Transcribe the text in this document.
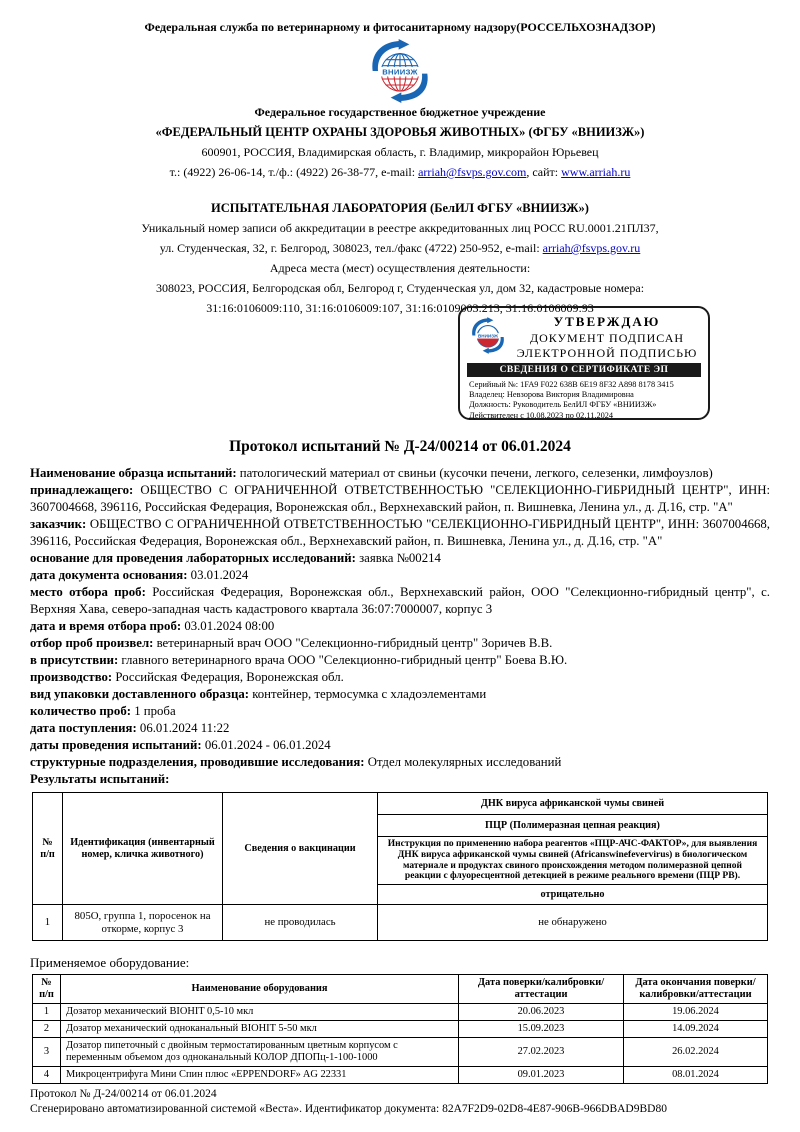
Федеральная служба по ветеринарному и фитосанитарному надзору(РОССЕЛЬХОЗНАДЗОР)
ВНИИЗЖ
Федеральное государственное бюджетное учреждение
«ФЕДЕРАЛЬНЫЙ ЦЕНТР ОХРАНЫ ЗДОРОВЬЯ ЖИВОТНЫХ» (ФГБУ «ВНИИЗЖ»)
600901, РОССИЯ, Владимирская область, г. Владимир, микрорайон Юрьевец
т.: (4922) 26-06-14, т./ф.: (4922) 26-38-77, e-mail: arriah@fsvps.gov.com, сайт: www.arriah.ru
ИСПЫТАТЕЛЬНАЯ ЛАБОРАТОРИЯ (БелИЛ ФГБУ «ВНИИЗЖ»)
Уникальный номер записи об аккредитации в реестре аккредитованных лиц РОСС RU.0001.21ПЛ37,
ул. Студенческая, 32, г. Белгород, 308023, тел./факс (4722) 250-952, e-mail: arriah@fsvps.gov.ru
Адреса места (мест) осуществления деятельности:
308023, РОССИЯ, Белгородская обл, Белгород г, Студенческая ул, дом 32, кадастровые номера:
31:16:0106009:110, 31:16:0106009:107, 31:16:0109003:213, 31:16:0106009:93
ВНИИЗЖ
УТВЕРЖДАЮ
ДОКУМЕНТ ПОДПИСАН
ЭЛЕКТРОННОЙ ПОДПИСЬЮ
СВЕДЕНИЯ О СЕРТИФИКАТЕ ЭП
Серийный №: 1FA9 F022 638B 6E19 8F32 A898 8178 3415
Владелец: Невзорова Виктория Владимировна
Должность: Руководитель БелИЛ ФГБУ «ВНИИЗЖ»
Действителен с 10.08.2023 по 02.11.2024
Протокол испытаний № Д-24/00214 от 06.01.2024

Наименование образца испытаний: патологический материал от свиньи (кусочки печени, легкого, селезенки, лимфоузлов)

принадлежащего: ОБЩЕСТВО С ОГРАНИЧЕННОЙ ОТВЕТСТВЕННОСТЬЮ "СЕЛЕКЦИОННО-ГИБРИДНЫЙ ЦЕНТР", ИНН: 3607004668, 396116, Российская Федерация, Воронежская обл., Верхнехавский район, п. Вишневка, Ленина ул., д. Д.16, стр. "А"

заказчик: ОБЩЕСТВО С ОГРАНИЧЕННОЙ ОТВЕТСТВЕННОСТЬЮ "СЕЛЕКЦИОННО-ГИБРИДНЫЙ ЦЕНТР", ИНН: 3607004668, 396116, Российская Федерация, Воронежская обл., Верхнехавский район, п. Вишневка, Ленина ул., д. Д.16, стр. "А"

основание для проведения лабораторных исследований: заявка №00214

дата документа основания: 03.01.2024

место отбора проб: Российская Федерация, Воронежская обл., Верхнехавский район, ООО "Селекционно-гибридный центр", с. Верхняя Хава, северо-западная часть кадастрового квартала 36:07:7000007, корпус 3

дата и время отбора проб: 03.01.2024 08:00

отбор проб произвел: ветеринарный врач ООО "Селекционно-гибридный центр" Зоричев В.В.

в присутствии: главного ветеринарного врача ООО "Селекционно-гибридный центр" Боева В.Ю.

производство: Российская Федерация, Воронежская обл.

вид упаковки доставленного образца: контейнер, термосумка с хладоэлементами

количество проб: 1 проба

дата поступления: 06.01.2024 11:22

даты проведения испытаний: 06.01.2024 - 06.01.2024

структурные подразделения, проводившие исследования: Отдел молекулярных исследований

Результаты испытаний:

№ п/п	Идентификация (инвентарный номер, кличка животного)	Сведения о вакцинации	ДНК вируса африканской чумы свиней
			ПЦР (Полимеразная цепная реакция)
			Инструкция по применению набора реагентов «ПЦР-АЧС-ФАКТОР», для выявления ДНК вируса африканской чумы свиней (Africanswinefevervirus) в биологическом материале и продуктах свиного происхождения методом полимеразной цепной реакции с флуоресцентной детекцией в режиме реального времени (ПЦР РВ).
			отрицательно
1	805О, группа 1, поросенок на откорме, корпус 3	не проводилась	не обнаружено
Применяемое оборудование:
№ п/п	Наименование оборудования	Дата поверки/калибровки/аттестации	Дата окончания поверки/калибровки/аттестации
1	Дозатор механический BIOHIT 0,5-10 мкл	20.06.2023	19.06.2024
2	Дозатор механический одноканальный BIOHIT 5-50 мкл	15.09.2023	14.09.2024
3	Дозатор пипеточный с двойным термостатированным цветным корпусом с переменным объемом доз одноканальный КОЛОР ДПОПц-1-100-1000	27.02.2023	26.02.2024
4	Микроцентрифуга Мини Спин плюс «EPPENDORF» AG 22331	09.01.2023	08.01.2024
Протокол № Д-24/00214 от 06.01.2024
Сгенерировано автоматизированной системой «Веста». Идентификатор документа: 82A7F2D9-02D8-4E87-906B-966DBAD9BD80
